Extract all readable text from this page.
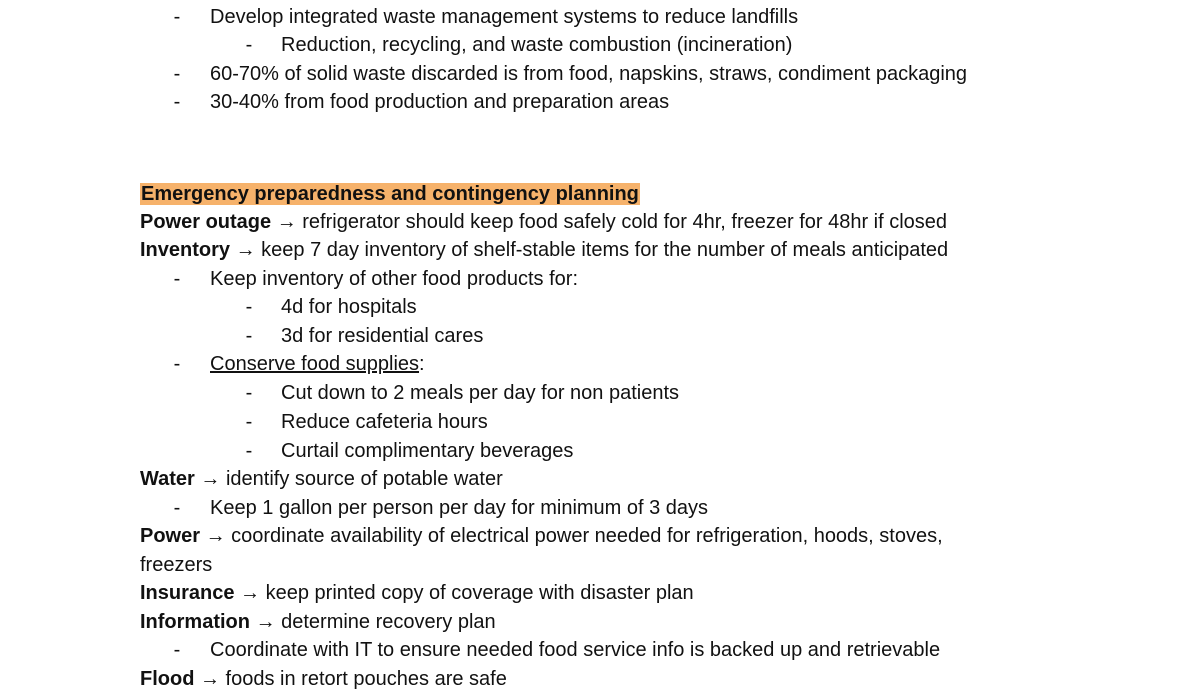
- Develop integrated waste management systems to reduce landfills
- Reduction, recycling, and waste combustion (incineration)
- 60-70% of solid waste discarded is from food, napskins, straws, condiment packaging
- 30-40% from food production and preparation areas
Emergency preparedness and contingency planning
Power outage → refrigerator should keep food safely cold for 4hr, freezer for 48hr if closed
Inventory → keep 7 day inventory of shelf-stable items for the number of meals anticipated
- Keep inventory of other food products for:
- 4d for hospitals
- 3d for residential cares
- Conserve food supplies:
- Cut down to 2 meals per day for non patients
- Reduce cafeteria hours
- Curtail complimentary beverages
Water → identify source of potable water
- Keep 1 gallon per person per day for minimum of 3 days
Power → coordinate availability of electrical power needed for refrigeration, hoods, stoves,
freezers
Insurance → keep printed copy of coverage with disaster plan
Information → determine recovery plan
- Coordinate with IT to ensure needed food service info is backed up and retrievable
Flood → foods in retort pouches are safe
